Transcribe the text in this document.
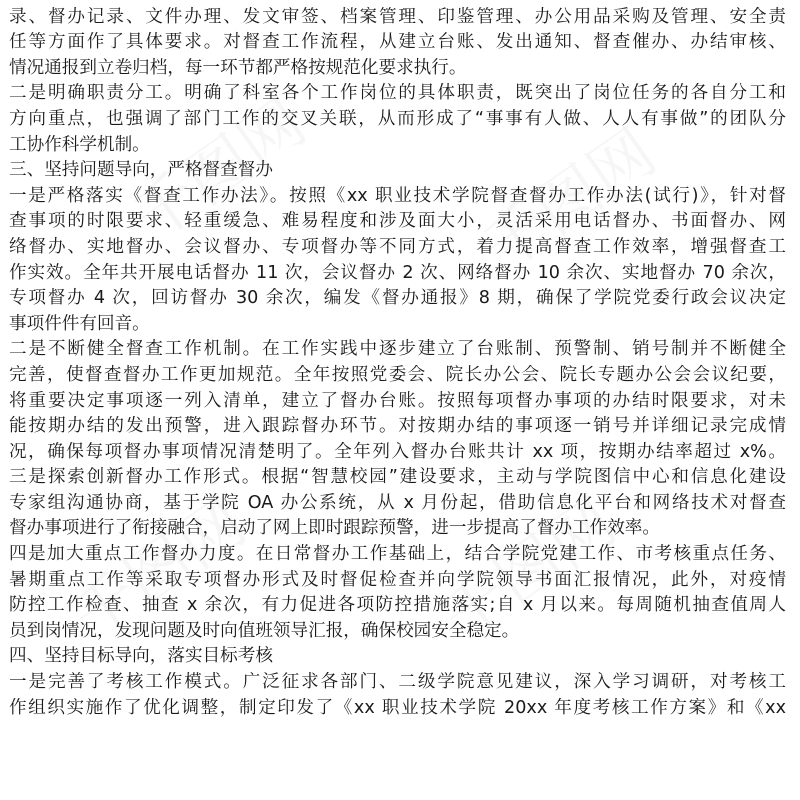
录、督办记录、文件办理、发文审签、档案管理、印鉴管理、办公用品采购及管理、安全责
任等方面作了具体要求。对督查工作流程，从建立台账、发出通知、督查催办、办结审核、
情况通报到立卷归档，每一环节都严格按规范化要求执行。
二是明确职责分工。明确了科室各个工作岗位的具体职责，既突出了岗位任务的各自分工和
方向重点，也强调了部门工作的交叉关联，从而形成了“事事有人做、人人有事做”的团队分
工协作科学机制。
三、坚持问题导向，严格督查督办
一是严格落实《督查工作办法》。按照《xx 职业技术学院督查督办工作办法(试行)》，针对督
查事项的时限要求、轻重缓急、难易程度和涉及面大小，灵活采用电话督办、书面督办、网
络督办、实地督办、会议督办、专项督办等不同方式，着力提高督查工作效率，增强督查工
作实效。全年共开展电话督办 11 次，会议督办 2 次、网络督办 10 余次、实地督办 70 余次，
专项督办 4 次，回访督办 30 余次，编发《督办通报》8 期，确保了学院党委行政会议决定
事项件件有回音。
二是不断健全督查工作机制。在工作实践中逐步建立了台账制、预警制、销号制并不断健全
完善，使督查督办工作更加规范。全年按照党委会、院长办公会、院长专题办公会会议纪要，
将重要决定事项逐一列入清单，建立了督办台账。按照每项督办事项的办结时限要求，对未
能按期办结的发出预警，进入跟踪督办环节。对按期办结的事项逐一销号并详细记录完成情
况，确保每项督办事项情况清楚明了。全年列入督办台账共计 xx 项，按期办结率超过 x%。
三是探索创新督办工作形式。根据“智慧校园”建设要求，主动与学院图信中心和信息化建设
专家组沟通协商，基于学院 OA 办公系统，从 x 月份起，借助信息化平台和网络技术对督查
督办事项进行了衔接融合，启动了网上即时跟踪预警，进一步提高了督办工作效率。
四是加大重点工作督办力度。在日常督办工作基础上，结合学院党建工作、市考核重点任务、
暑期重点工作等采取专项督办形式及时督促检查并向学院领导书面汇报情况，此外，对疫情
防控工作检查、抽查 x 余次，有力促进各项防控措施落实;自 x 月以来。每周随机抽查值周人
员到岗情况，发现问题及时向值班领导汇报，确保校园安全稳定。
四、坚持目标导向，落实目标考核
一是完善了考核工作模式。广泛征求各部门、二级学院意见建议，深入学习调研，对考核工
作组织实施作了优化调整，制定印发了《xx 职业技术学院 20xx 年度考核工作方案》和《xx
